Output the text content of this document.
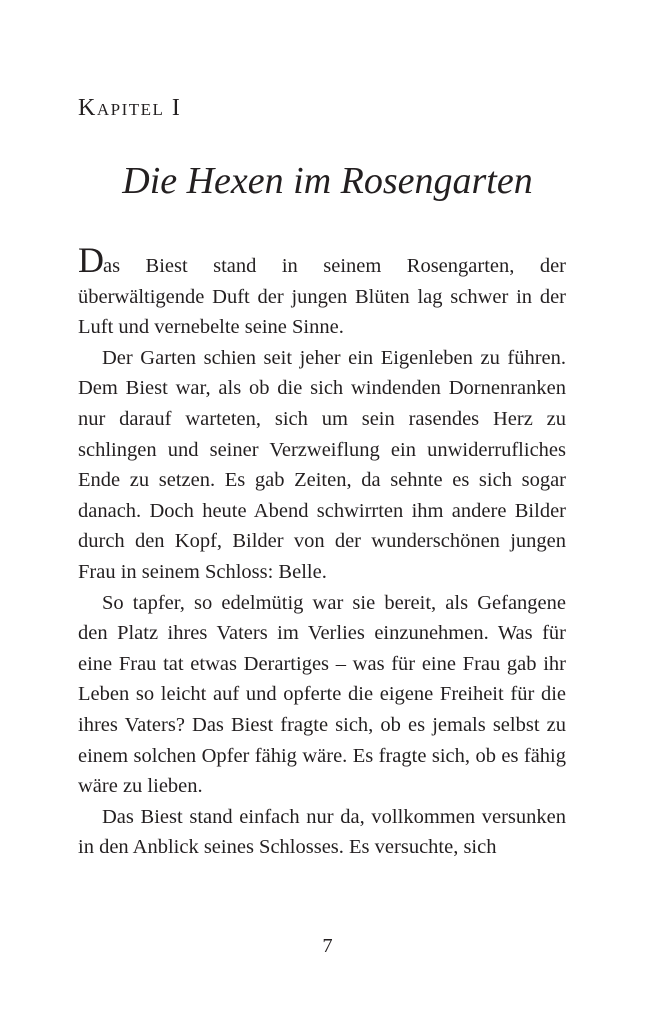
Kapitel I
Die Hexen im Rosengarten

Das Biest stand in seinem Rosengarten, der überwältigende Duft der jungen Blüten lag schwer in der Luft und vernebelte seine Sinne.

Der Garten schien seit jeher ein Eigenleben zu führen. Dem Biest war, als ob die sich windenden Dornenranken nur darauf warteten, sich um sein rasendes Herz zu schlingen und seiner Verzweiflung ein unwiderrufliches Ende zu setzen. Es gab Zeiten, da sehnte es sich sogar danach. Doch heute Abend schwirrten ihm andere Bilder durch den Kopf, Bilder von der wunderschönen jungen Frau in seinem Schloss: Belle.

So tapfer, so edelmütig war sie bereit, als Gefangene den Platz ihres Vaters im Verlies einzunehmen. Was für eine Frau tat etwas Derartiges – was für eine Frau gab ihr Leben so leicht auf und opferte die eigene Freiheit für die ihres Vaters? Das Biest fragte sich, ob es jemals selbst zu einem solchen Opfer fähig wäre. Es fragte sich, ob es fähig wäre zu lieben.

Das Biest stand einfach nur da, vollkommen versunken in den Anblick seines Schlosses. Es versuchte, sich

7
